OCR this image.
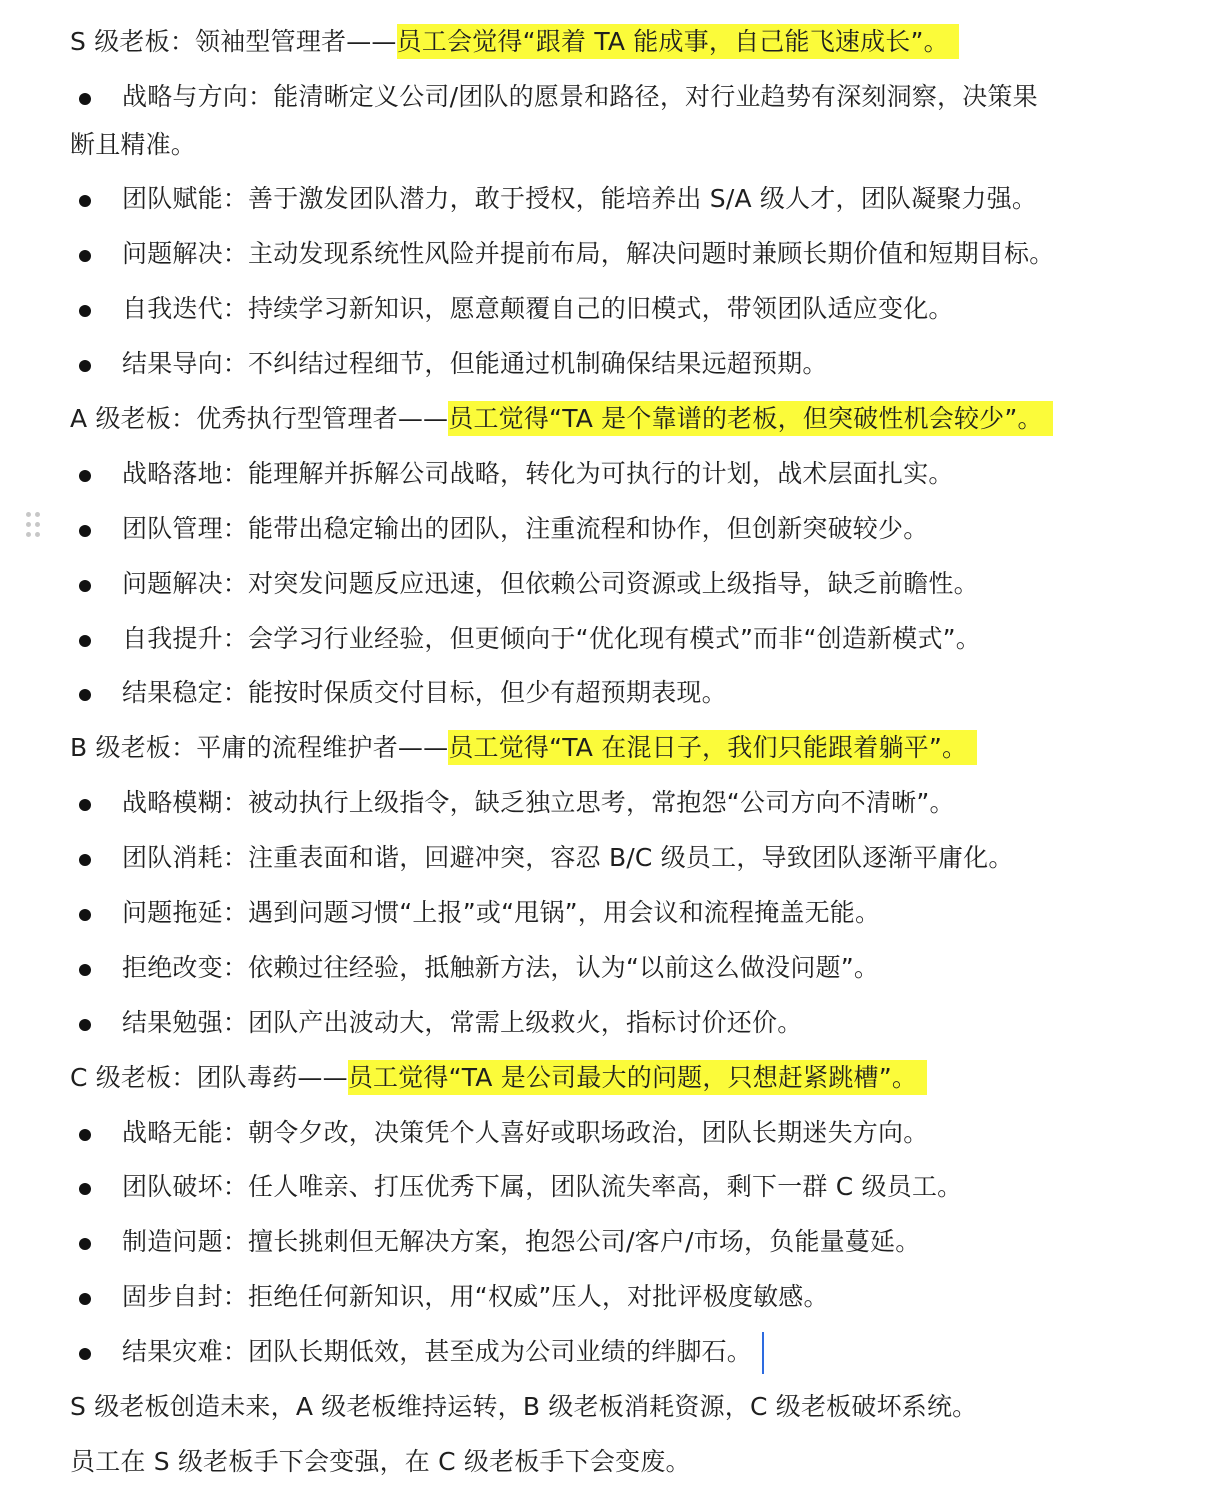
S 级老板：领袖型管理者——员工会觉得“跟着 TA 能成事，自己能飞速成长”。
战略与方向：能清晰定义公司/团队的愿景和路径，对行业趋势有深刻洞察，决策果
断且精准。
团队赋能：善于激发团队潜力，敢于授权，能培养出 S/A 级人才，团队凝聚力强。
问题解决：主动发现系统性风险并提前布局，解决问题时兼顾长期价值和短期目标。
自我迭代：持续学习新知识，愿意颠覆自己的旧模式，带领团队适应变化。
结果导向：不纠结过程细节，但能通过机制确保结果远超预期。
A 级老板：优秀执行型管理者——员工觉得“TA 是个靠谱的老板，但突破性机会较少”。
战略落地：能理解并拆解公司战略，转化为可执行的计划，战术层面扎实。
团队管理：能带出稳定输出的团队，注重流程和协作，但创新突破较少。
问题解决：对突发问题反应迅速，但依赖公司资源或上级指导，缺乏前瞻性。
自我提升：会学习行业经验，但更倾向于“优化现有模式”而非“创造新模式”。
结果稳定：能按时保质交付目标，但少有超预期表现。
B 级老板：平庸的流程维护者——员工觉得“TA 在混日子，我们只能跟着躺平”。
战略模糊：被动执行上级指令，缺乏独立思考，常抱怨“公司方向不清晰”。
团队消耗：注重表面和谐，回避冲突，容忍 B/C 级员工，导致团队逐渐平庸化。
问题拖延：遇到问题习惯“上报”或“甩锅”，用会议和流程掩盖无能。
拒绝改变：依赖过往经验，抵触新方法，认为“以前这么做没问题”。
结果勉强：团队产出波动大，常需上级救火，指标讨价还价。
C 级老板：团队毒药——员工觉得“TA 是公司最大的问题，只想赶紧跳槽”。
战略无能：朝令夕改，决策凭个人喜好或职场政治，团队长期迷失方向。
团队破坏：任人唯亲、打压优秀下属，团队流失率高，剩下一群 C 级员工。
制造问题：擅长挑刺但无解决方案，抱怨公司/客户/市场，负能量蔓延。
固步自封：拒绝任何新知识，用“权威”压人，对批评极度敏感。
结果灾难：团队长期低效，甚至成为公司业绩的绊脚石。
S 级老板创造未来，A 级老板维持运转，B 级老板消耗资源，C 级老板破坏系统。
员工在 S 级老板手下会变强，在 C 级老板手下会变废。
